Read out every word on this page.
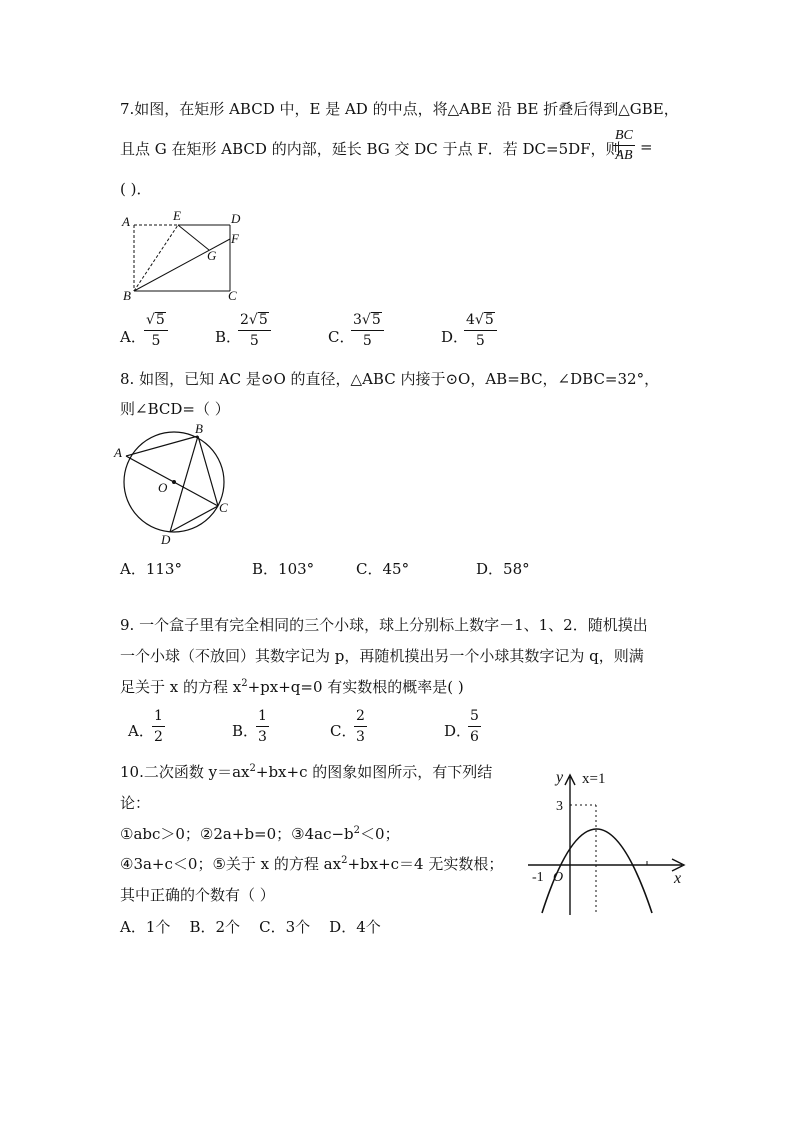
7.如图，在矩形 ABCD 中，E 是 AD 的中点，将△ABE 沿 BE 折叠后得到△GBE，
且点 G 在矩形 ABCD 的内部，延长 BG 交 DC 于点 F．若 DC=5DF，则
$\frac{BC}{AB}$ =
( )．
A	E	D
F
G
B	C
A．
$\frac{√5}{5}$	B．
$\frac{2√5}{5}$	C．
$\frac{3√5}{5}$	D．
$\frac{4√5}{5}$
8. 如图，已知 AC 是⊙O 的直径，△ABC 内接于⊙O，AB=BC，∠DBC=32°，
则∠BCD=（ ）
A
B
O
C
D
A．113°	B．103°	C．45°	D．58°
9. 一个盒子里有完全相同的三个小球，球上分别标上数字－1、1、2．随机摸出
一个小球（不放回）其数字记为 p，再随机摸出另一个小球其数字记为 q，则满
足关于 x 的方程 $x^2+px+q=0$ 有实数根的概率是( )
A．
$\frac{1}{2}$	B．
$\frac{1}{3}$	C．
$\frac{2}{3}$	D．
$\frac{5}{6}$
10.二次函数 $y=ax^2+bx+c$ 的图象如图所示，有下列结
论：
①abc＞0；②2a+b=0；$③4ac-b^2<0$；
④3a+c＜0；⑤关于 x 的方程 $ax^2+bx+c=4$ 无实数根；
其中正确的个数有（ ）
A．1个    B．2个    C．3个    D．4个
y x=1
3
-1 O	x
